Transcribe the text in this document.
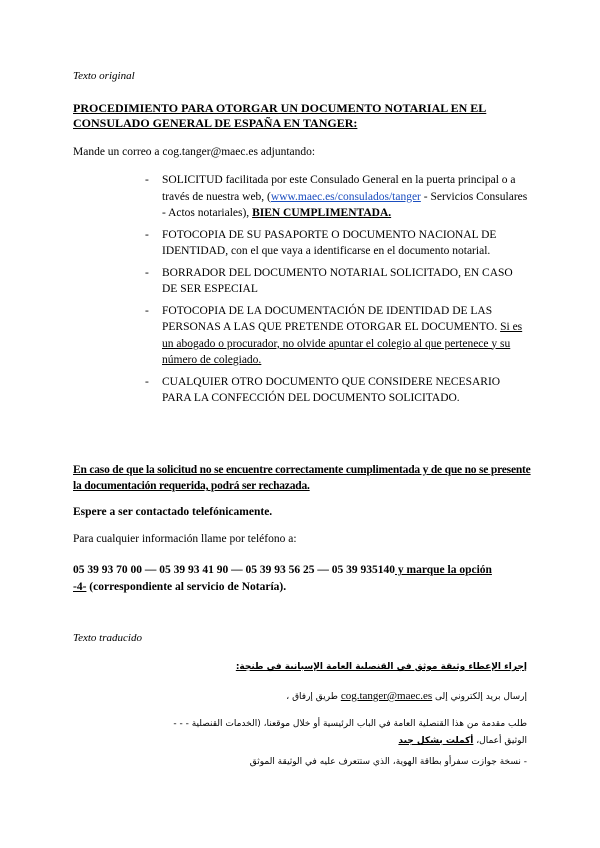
Texto original
PROCEDIMIENTO PARA OTORGAR UN DOCUMENTO NOTARIAL EN EL
CONSULADO GENERAL DE ESPAÑA EN TANGER:
Mande un correo a cog.tanger@maec.es adjuntando:
- SOLICITUD facilitada por este Consulado General en la puerta principal o a través de nuestra web, (www.maec.es/consulados/tanger - Servicios Consulares - Actos notariales), BIEN CUMPLIMENTADA.
- FOTOCOPIA DE SU PASAPORTE O DOCUMENTO NACIONAL DE IDENTIDAD, con el que vaya a identificarse en el documento notarial.
- BORRADOR DEL DOCUMENTO NOTARIAL SOLICITADO, EN CASO DE SER ESPECIAL
- FOTOCOPIA DE LA DOCUMENTACIÓN DE IDENTIDAD DE LAS PERSONAS A LAS QUE PRETENDE OTORGAR EL DOCUMENTO. Si es un abogado o procurador, no olvide apuntar el colegio al que pertenece y su número de colegiado.
- CUALQUIER OTRO DOCUMENTO QUE CONSIDERE NECESARIO PARA LA CONFECCIÓN DEL DOCUMENTO SOLICITADO.
En caso de que la solicitud no se encuentre correctamente cumplimentada y de que no se presente la documentación requerida, podrá ser rechazada.
Espere a ser contactado telefónicamente.
Para cualquier información llame por teléfono a:
05 39 93 70 00 — 05 39 93 41 90 — 05 39 93 56 25 — 05 39 935140 y marque la opción
-4- (correspondiente al servicio de Notaría).
Texto traducido
إجراء الإعطاء وثيقة موثق في القنصلية العامة الإسبانية في طنجة:
إرسال بريد إلكتروني إلى cog.tanger@maec.es طريق إرفاق ،
طلب مقدمة من هذا القنصلية العامة في الباب الرئيسية أو خلال موقعنا، (الخدمات القنصلية - - -
الوثيق أعمال، أكملت بشكل جيد
- نسخة جوازت سفرأو بطاقة الهوية، الذي ستتعرف عليه في الوثيقة الموثق
